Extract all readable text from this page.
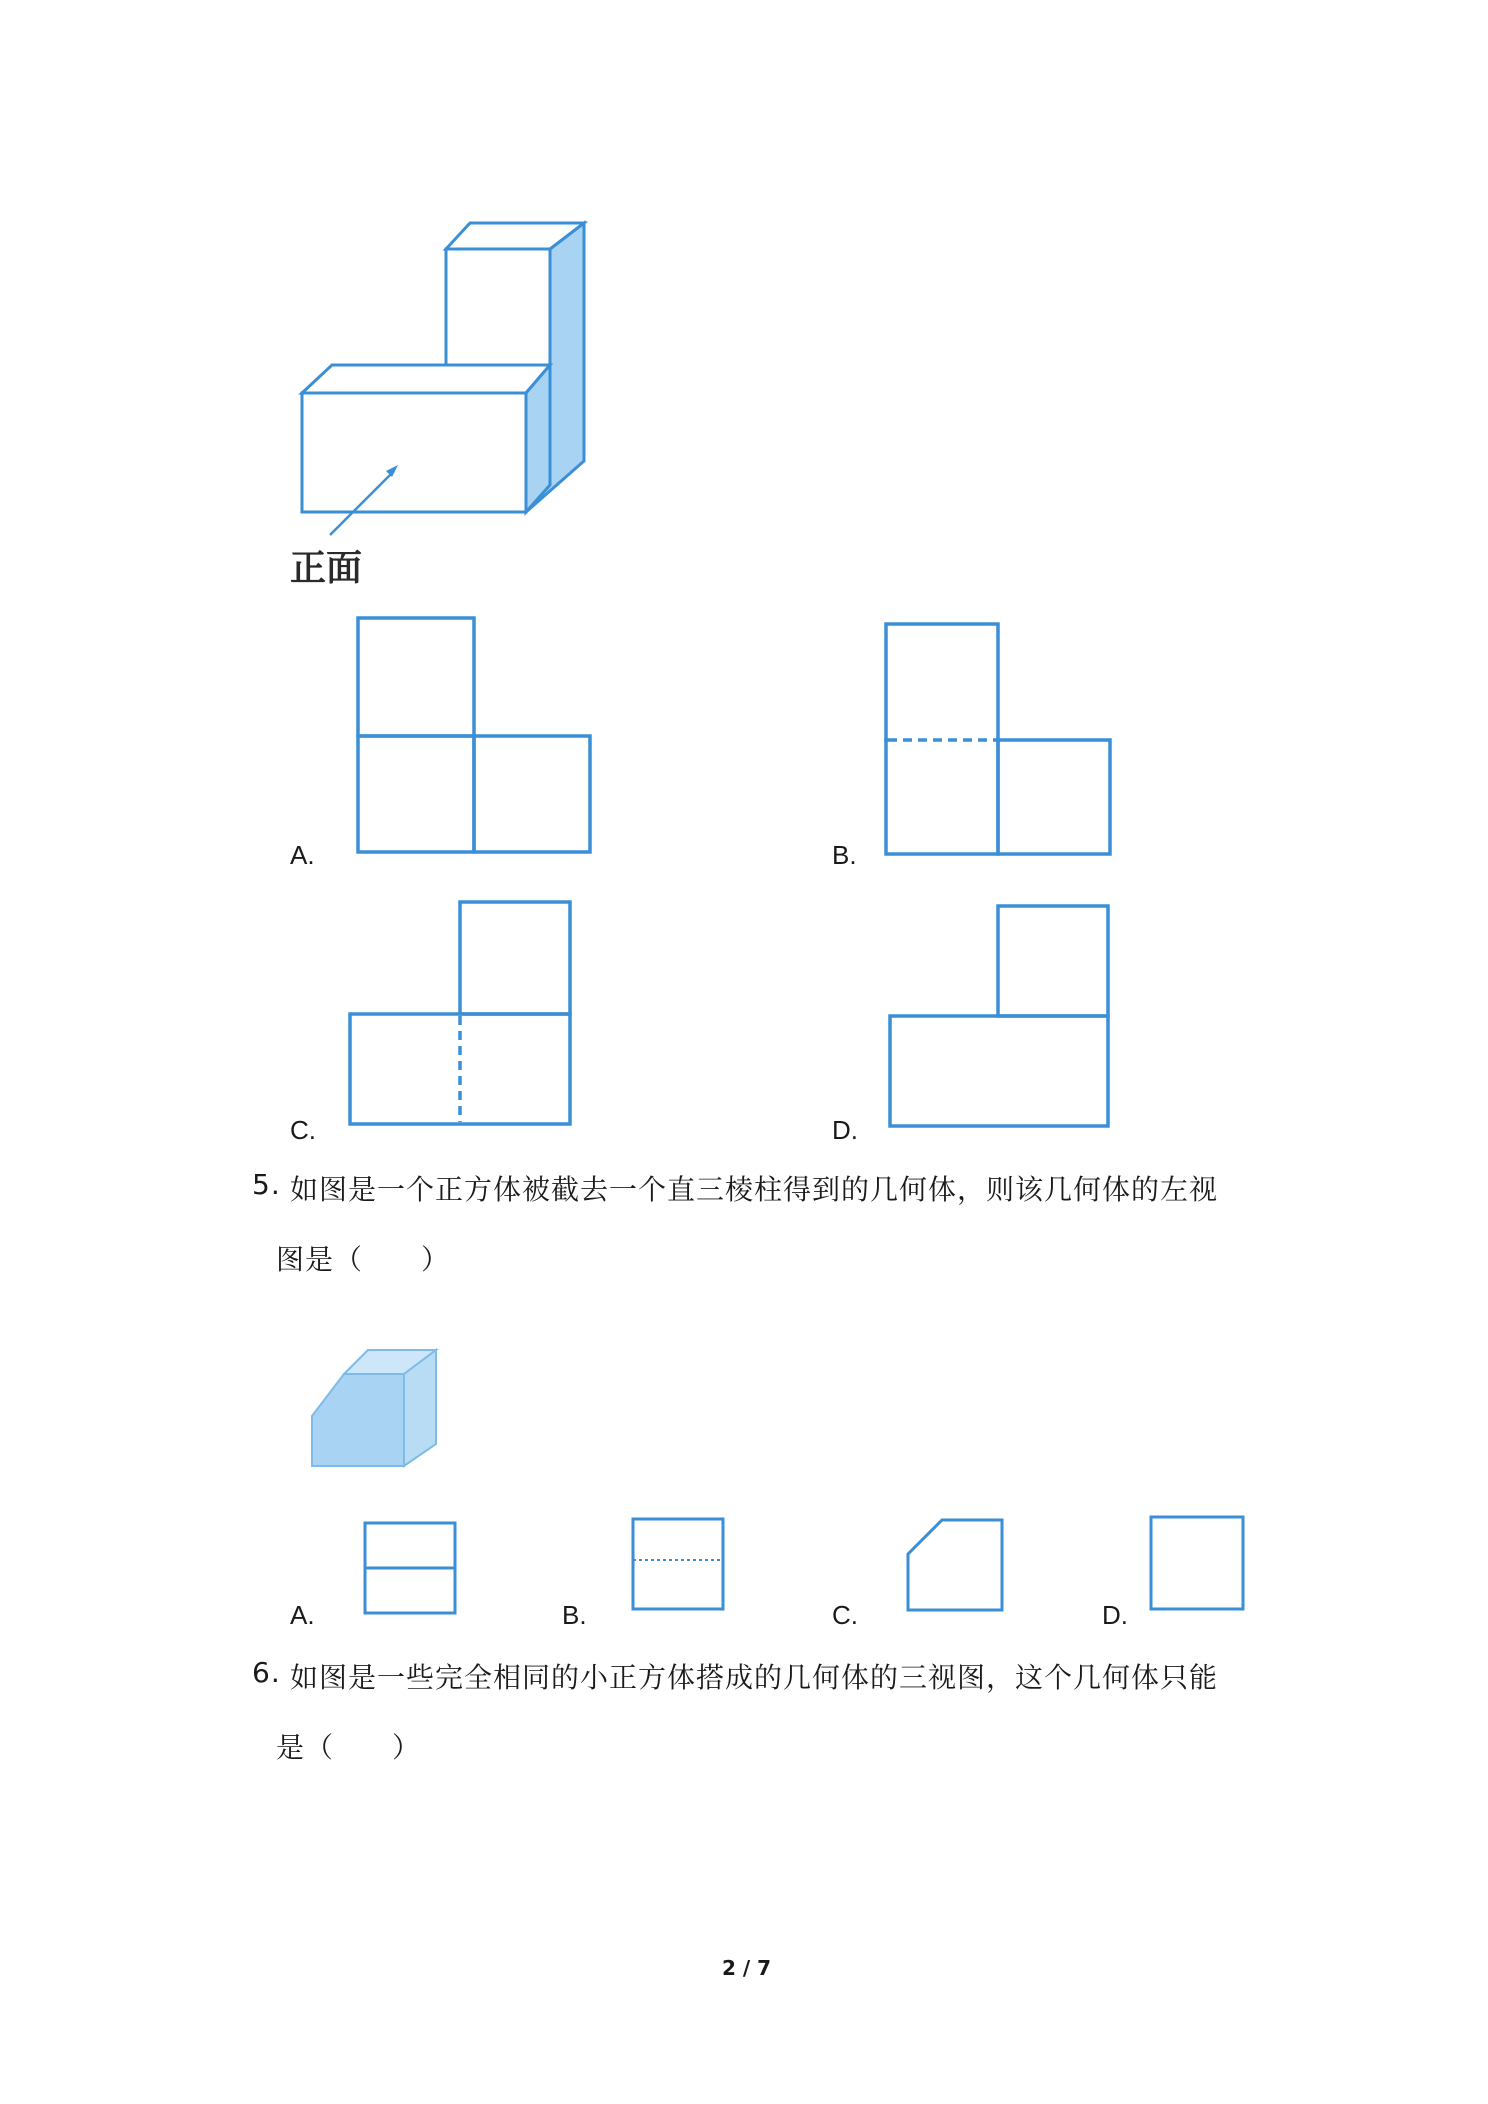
正面
A.	B.
C.	D.
5. 如图是一个正方体被截去一个直三棱柱得到的几何体，则该几何体的左视
图是（　　）
A.	B.	C.	D.
6. 如图是一些完全相同的小正方体搭成的几何体的三视图，这个几何体只能
是（　　）
2 / 7
